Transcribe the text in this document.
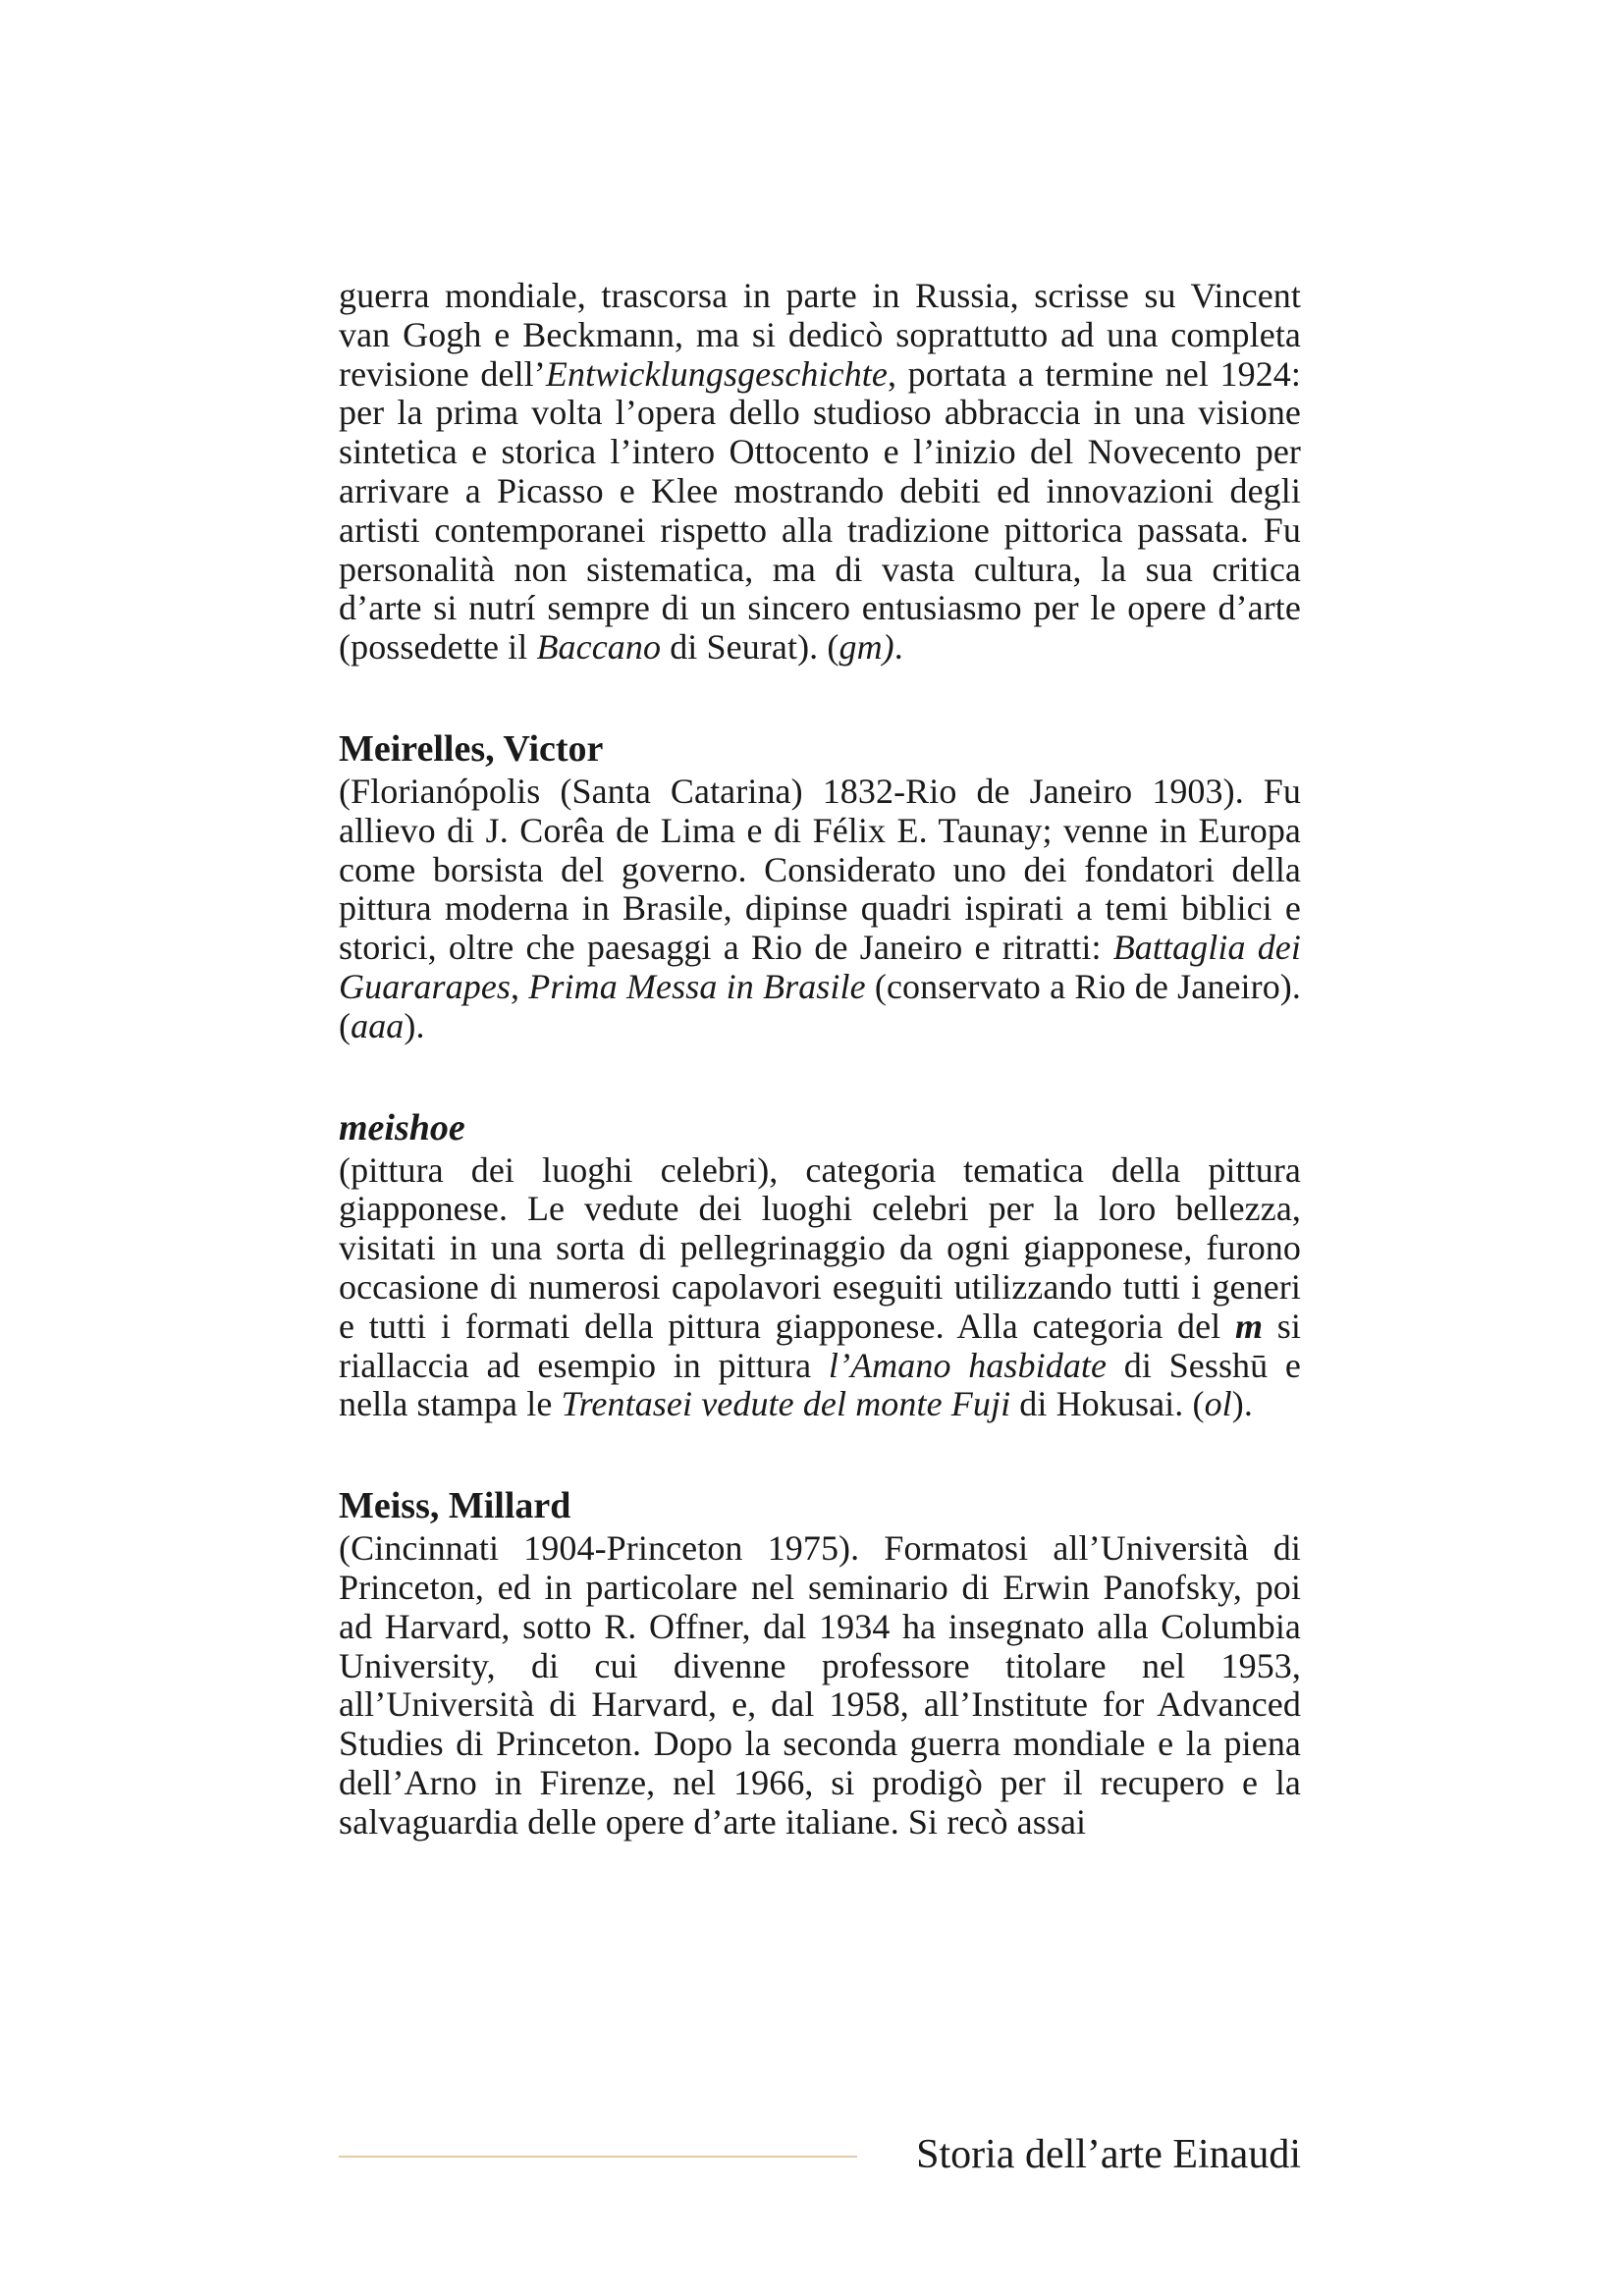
guerra mondiale, trascorsa in parte in Russia, scrisse su Vincent van Gogh e Beckmann, ma si dedicò soprattutto ad una completa revisione dell’Entwicklungsgeschichte, portata a termine nel 1924: per la prima volta l’opera dello studioso abbraccia in una visione sintetica e storica l’intero Ottocento e l’inizio del Novecento per arrivare a Picasso e Klee mostrando debiti ed innovazioni degli artisti contemporanei rispetto alla tradizione pittorica passata. Fu personalità non sistematica, ma di vasta cultura, la sua critica d’arte si nutrí sempre di un sincero entusiasmo per le opere d’arte (possedette il Baccano di Seurat). (gm).

Meirelles, Victor

(Florianópolis (Santa Catarina) 1832-Rio de Janeiro 1903). Fu allievo di J. Corêa de Lima e di Félix E. Taunay; venne in Europa come borsista del governo. Considerato uno dei fondatori della pittura moderna in Brasile, dipinse quadri ispirati a temi biblici e storici, oltre che paesaggi a Rio de Janeiro e ritratti: Battaglia dei Guararapes, Prima Messa in Brasile (conservato a Rio de Janeiro). (aaa).

meishoe

(pittura dei luoghi celebri), categoria tematica della pittura giapponese. Le vedute dei luoghi celebri per la loro bellezza, visitati in una sorta di pellegrinaggio da ogni giapponese, furono occasione di numerosi capolavori eseguiti utilizzando tutti i generi e tutti i formati della pittura giapponese. Alla categoria del m si riallaccia ad esempio in pittura l’Amano hasbidate di Sesshū e nella stampa le Trentasei vedute del monte Fuji di Hokusai. (ol).

Meiss, Millard

(Cincinnati 1904-Princeton 1975). Formatosi all’Università di Princeton, ed in particolare nel seminario di Erwin Panofsky, poi ad Harvard, sotto R. Offner, dal 1934 ha insegnato alla Columbia University, di cui divenne professore titolare nel 1953, all’Università di Harvard, e, dal 1958, all’Institute for Advanced Studies di Princeton. Dopo la seconda guerra mondiale e la piena dell’Arno in Firenze, nel 1966, si prodigò per il recupero e la salvaguardia delle opere d’arte italiane. Si recò assai

Storia dell’arte Einaudi
